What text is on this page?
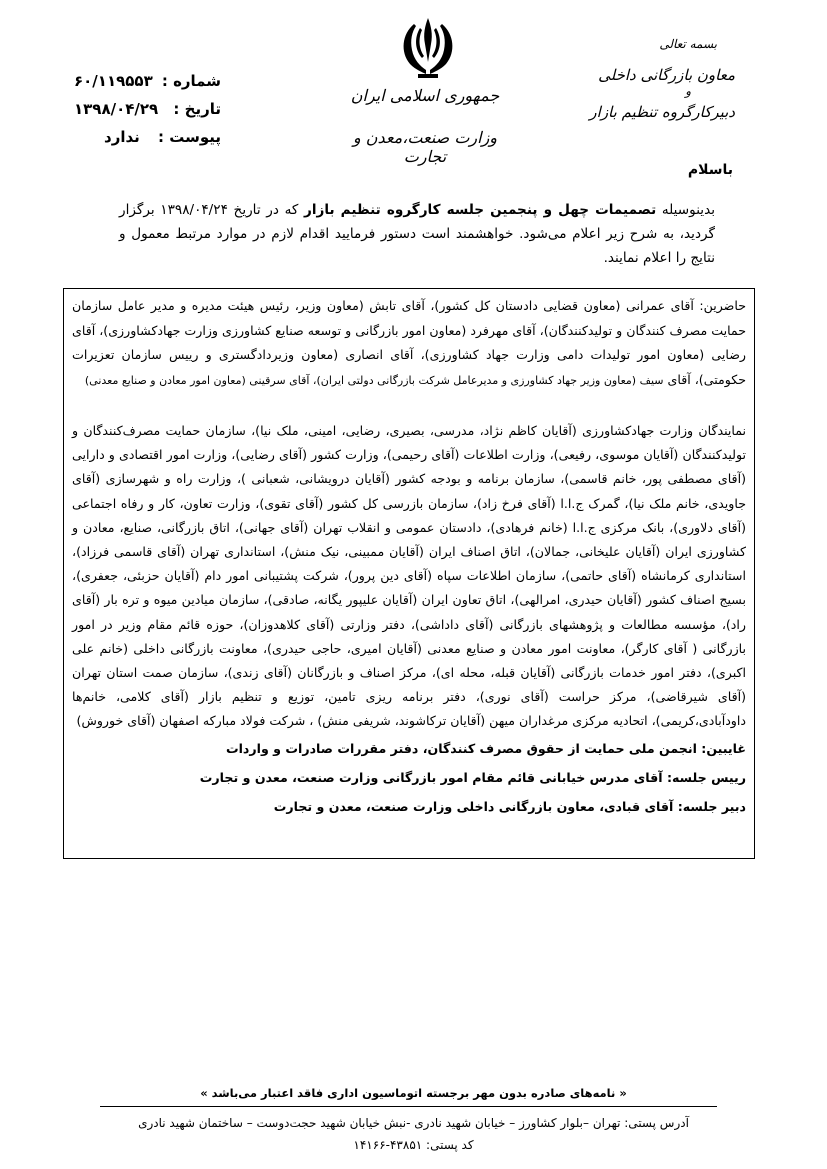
بسمه تعالی
معاون بازرگانی داخلی
و
دبیرکارگروه تنظیم بازار
باسلام
جمهوری اسلامی ایران
وزارت صنعت،معدن و تجارت
شماره :
تاریخ :
پیوست :
۶۰/۱۱۹۵۵۳
۱۳۹۸/۰۴/۲۹
ندارد
بدینوسیله تصمیمات چهل و پنجمین جلسه کارگروه تنظیم بازار که در تاریخ ۱۳۹۸/۰۴/۲۴ برگزار گردید، به شرح زیر اعلام می‌شود. خواهشمند است دستور فرمایید اقدام لازم در موارد مرتبط معمول و نتایج را اعلام نمایند.

حاضرین: آقای عمرانی (معاون قضایی دادستان کل کشور)، آقای تابش (معاون وزیر، رئیس هیئت مدیره و مدیر عامل سازمان حمایت مصرف کنندگان و تولیدکنندگان)، آقای مهرفرد (معاون امور بازرگانی و توسعه صنایع کشاورزی وزارت جهادکشاورزی)، آقای رضایی (معاون امور تولیدات دامی وزارت جهاد کشاورزی)، آقای انصاری (معاون وزیردادگستری و رییس سازمان تعزیرات حکومتی)، آقای سیف (معاون وزیر جهاد کشاورزی و مدیرعامل شرکت بازرگانی دولتی ایران)، آقای سرقینی (معاون امور معادن و صنایع معدنی)

نمایندگان وزارت جهادکشاورزی (آقایان کاظم نژاد، مدرسی، بصیری، رضایی، امینی، ملک نیا)، سازمان حمایت مصرف‌کنندگان و تولیدکنندگان (آقایان موسوی، رفیعی)، وزارت اطلاعات (آقای رحیمی)، وزارت کشور (آقای رضایی)، وزارت امور اقتصادی و دارایی (آقای مصطفی پور، خانم قاسمی)، سازمان برنامه و بودجه کشور (آقایان درویشانی، شعبانی )، وزارت راه و شهرسازی (آقای جاویدی، خانم ملک نیا)، گمرک ج.ا.ا (آقای فرخ زاد)، سازمان بازرسی کل کشور (آقای تقوی)، وزارت تعاون، کار و رفاه اجتماعی (آقای دلاوری)، بانک مرکزی ج.ا.ا (خانم فرهادی)، دادستان عمومی و انقلاب تهران (آقای جهانی)، اتاق بازرگانی، صنایع، معادن و کشاورزی ایران (آقایان علیخانی، جمالان)، اتاق اصناف ایران (آقایان ممبینی، نیک منش)، استانداری تهران (آقای قاسمی فرزاد)، استانداری کرمانشاه (آقای حاتمی)، سازمان اطلاعات سپاه (آقای دین پرور)، شرکت پشتیبانی امور دام (آقایان حزبئی، جعفری)، بسیج اصناف کشور (آقایان حیدری، امرالهی)، اتاق تعاون ایران (آقایان علیپور یگانه، صادقی)، سازمان میادین میوه و تره بار (آقای راد)، مؤسسه مطالعات و پژوهشهای بازرگانی (آقای داداشی)، دفتر وزارتی (آقای کلاهدوزان)، حوزه قائم مقام وزیر در امور بازرگانی ( آقای کارگر)، معاونت امور معادن و صنایع معدنی (آقایان امیری، حاجی حیدری)، معاونت بازرگانی داخلی (خانم علی اکبری)، دفتر امور خدمات بازرگانی (آقایان قبله، محله ای)، مرکز اصناف و بازرگانان (آقای زندی)، سازمان صمت استان تهران (آقای شیرقاضی)، مرکز حراست (آقای نوری)، دفتر برنامه ریزی تامین، توزیع و تنظیم بازار (آقای کلامی، خانم‌ها داودآبادی،کریمی)، اتحادیه مرکزی مرغداران میهن (آقایان ترکاشوند، شریفی منش) ، شرکت فولاد مبارکه اصفهان (آقای خوروش)

غایبین: انجمن ملی حمایت از حقوق مصرف کنندگان، دفتر مقررات صادرات و واردات

رییس جلسه: آقای مدرس خیابانی قائم مقام امور بازرگانی وزارت صنعت، معدن و تجارت

دبیر جلسه: آقای قبادی، معاون بازرگانی داخلی وزارت صنعت، معدن و تجارت

« نامه‌های صادره بدون مهر برجسته اتوماسیون اداری فاقد اعتبار می‌باشد »
آدرس پستی: تهران –بلوار کشاورز – خیابان شهید نادری -نبش خیابان شهید حجت‌دوست – ساختمان شهید نادری
کد پستی: ۴۳۸۵۱-۱۴۱۶۶
